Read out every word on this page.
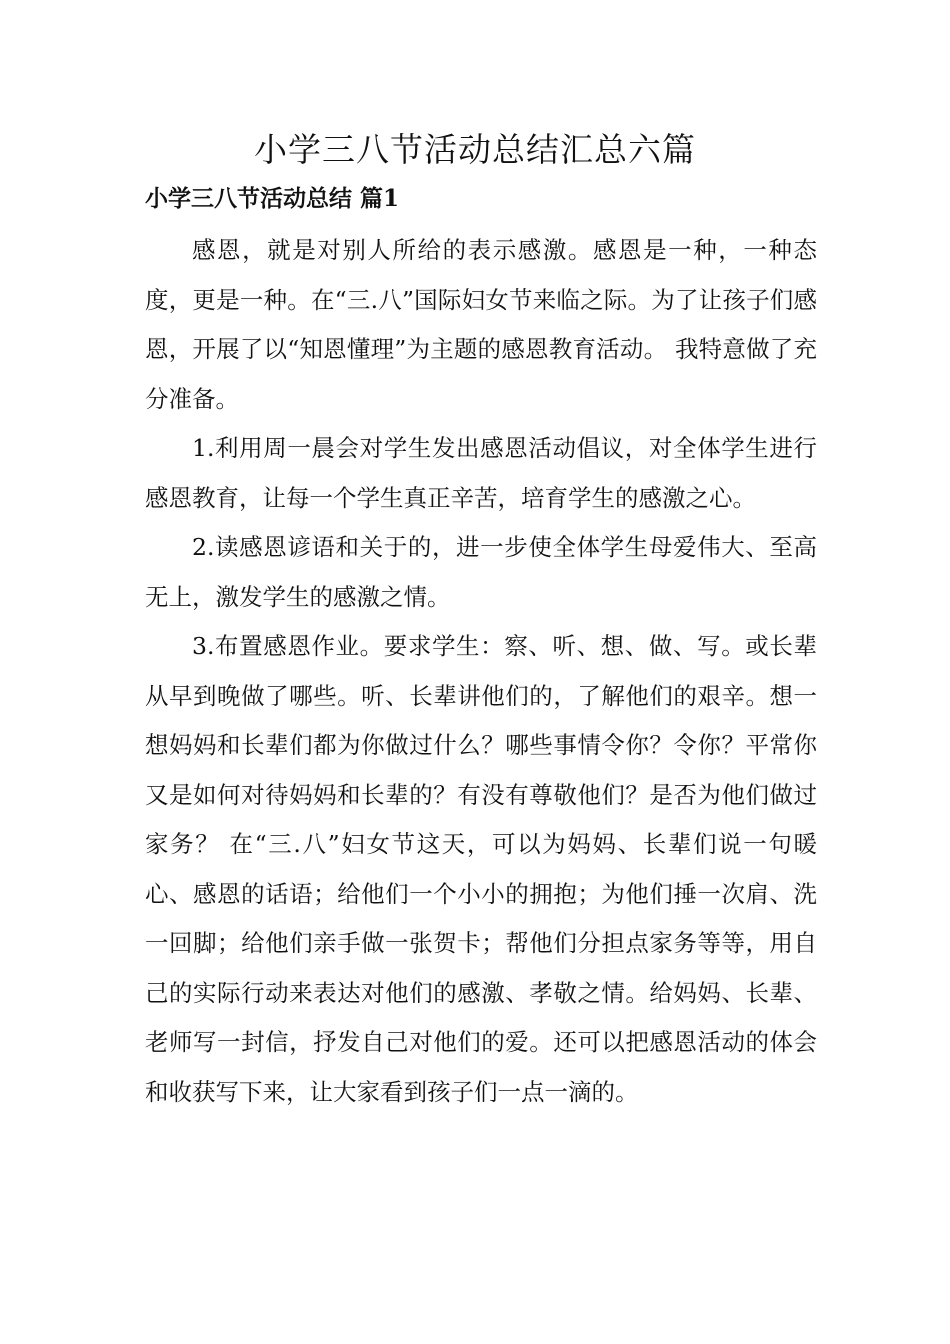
小学三八节活动总结汇总六篇
小学三八节活动总结 篇1

感恩，就是对别人所给的表示感激。感恩是一种，一种态度，更是一种。在“三.八”国际妇女节来临之际。为了让孩子们感恩，开展了以“知恩懂理”为主题的感恩教育活动。 我特意做了充分准备。

1.利用周一晨会对学生发出感恩活动倡议，对全体学生进行感恩教育，让每一个学生真正辛苦，培育学生的感激之心。

2.读感恩谚语和关于的，进一步使全体学生母爱伟大、至高无上，激发学生的感激之情。

3.布置感恩作业。要求学生：察、听、想、做、写。或长辈从早到晚做了哪些。听、长辈讲他们的，了解他们的艰辛。想一想妈妈和长辈们都为你做过什么？哪些事情令你？令你？平常你又是如何对待妈妈和长辈的？有没有尊敬他们？是否为他们做过家务？ 在“三.八”妇女节这天，可以为妈妈、长辈们说一句暖心、感恩的话语；给他们一个小小的拥抱；为他们捶一次肩、洗一回脚；给他们亲手做一张贺卡；帮他们分担点家务等等，用自己的实际行动来表达对他们的感激、孝敬之情。给妈妈、长辈、老师写一封信，抒发自己对他们的爱。还可以把感恩活动的体会和收获写下来，让大家看到孩子们一点一滴的。
